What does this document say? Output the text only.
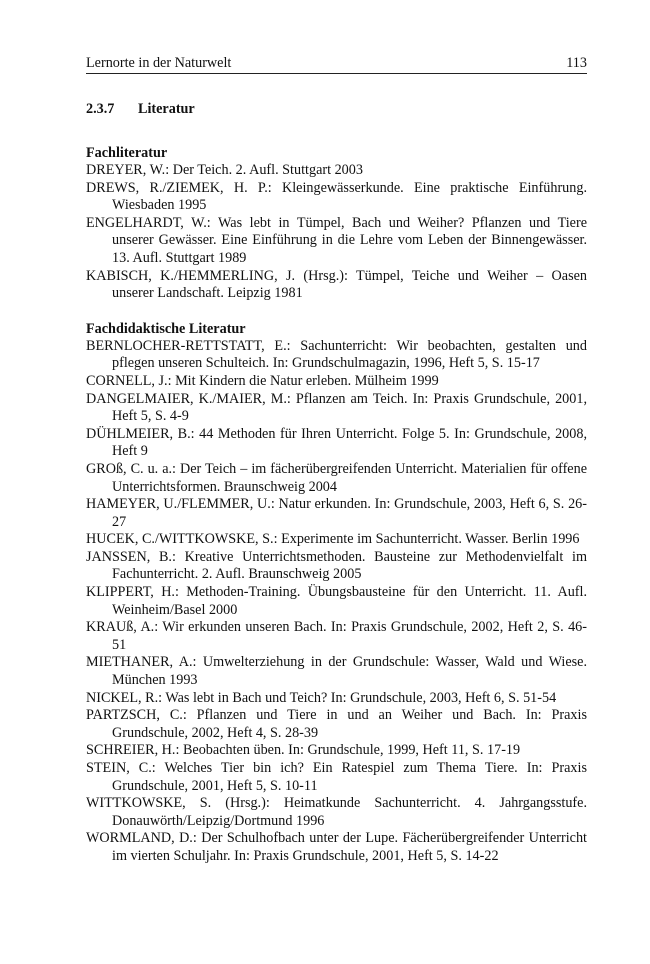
Lernorte in der Naturwelt	113
2.3.7 Literatur
Fachliteratur
DREYER, W.: Der Teich. 2. Aufl. Stuttgart 2003
DREWS, R./ZIEMEK, H. P.: Kleingewässerkunde. Eine praktische Einführung. Wiesbaden 1995
ENGELHARDT, W.: Was lebt in Tümpel, Bach und Weiher? Pflanzen und Tiere unserer Gewässer. Eine Einführung in die Lehre vom Leben der Binnengewässer. 13. Aufl. Stuttgart 1989
KABISCH, K./HEMMERLING, J. (Hrsg.): Tümpel, Teiche und Weiher – Oasen unserer Landschaft. Leipzig 1981
Fachdidaktische Literatur
BERNLOCHER-RETTSTATT, E.: Sachunterricht: Wir beobachten, gestalten und pflegen unseren Schulteich. In: Grundschulmagazin, 1996, Heft 5, S. 15-17
CORNELL, J.: Mit Kindern die Natur erleben. Mülheim 1999
DANGELMAIER, K./MAIER, M.: Pflanzen am Teich. In: Praxis Grundschule, 2001, Heft 5, S. 4-9
DÜHLMEIER, B.: 44 Methoden für Ihren Unterricht. Folge 5. In: Grundschule, 2008, Heft 9
GROß, C. u. a.: Der Teich – im fächerübergreifenden Unterricht. Materialien für offene Unterrichtsformen. Braunschweig 2004
HAMEYER, U./FLEMMER, U.: Natur erkunden. In: Grundschule, 2003, Heft 6, S. 26-27
HUCEK, C./WITTKOWSKE, S.: Experimente im Sachunterricht. Wasser. Berlin 1996
JANSSEN, B.: Kreative Unterrichtsmethoden. Bausteine zur Methodenvielfalt im Fachunterricht. 2. Aufl. Braunschweig 2005
KLIPPERT, H.: Methoden-Training. Übungsbausteine für den Unterricht. 11. Aufl. Weinheim/Basel 2000
KRAUß, A.: Wir erkunden unseren Bach. In: Praxis Grundschule, 2002, Heft 2, S. 46-51
MIETHANER, A.: Umwelterziehung in der Grundschule: Wasser, Wald und Wiese. München 1993
NICKEL, R.: Was lebt in Bach und Teich? In: Grundschule, 2003, Heft 6, S. 51-54
PARTZSCH, C.: Pflanzen und Tiere in und an Weiher und Bach. In: Praxis Grundschule, 2002, Heft 4, S. 28-39
SCHREIER, H.: Beobachten üben. In: Grundschule, 1999, Heft 11, S. 17-19
STEIN, C.: Welches Tier bin ich? Ein Ratespiel zum Thema Tiere. In: Praxis Grundschule, 2001, Heft 5, S. 10-11
WITTKOWSKE, S. (Hrsg.): Heimatkunde Sachunterricht. 4. Jahrgangsstufe. Donauwörth/Leipzig/Dortmund 1996
WORMLAND, D.: Der Schulhofbach unter der Lupe. Fächerübergreifender Unterricht im vierten Schuljahr. In: Praxis Grundschule, 2001, Heft 5, S. 14-22
